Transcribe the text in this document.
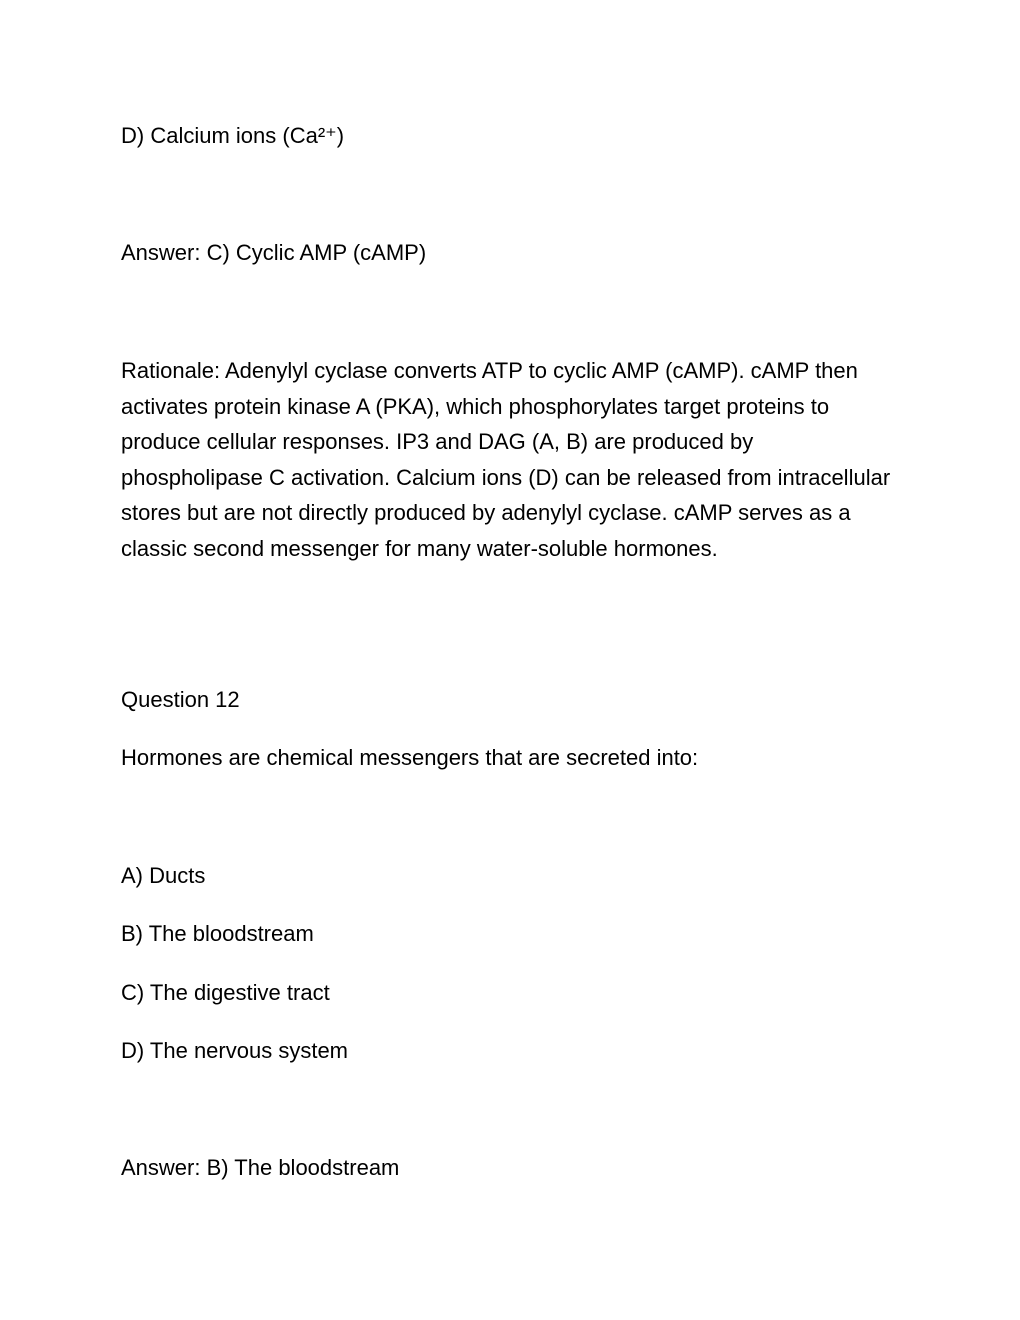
D) Calcium ions (Ca²⁺)

Answer: C) Cyclic AMP (cAMP)

Rationale: Adenylyl cyclase converts ATP to cyclic AMP (cAMP). cAMP then activates protein kinase A (PKA), which phosphorylates target proteins to produce cellular responses. IP3 and DAG (A, B) are produced by phospholipase C activation. Calcium ions (D) can be released from intracellular stores but are not directly produced by adenylyl cyclase. cAMP serves as a classic second messenger for many water-soluble hormones.

Question 12

Hormones are chemical messengers that are secreted into:

A) Ducts

B) The bloodstream

C) The digestive tract

D) The nervous system

Answer: B) The bloodstream
